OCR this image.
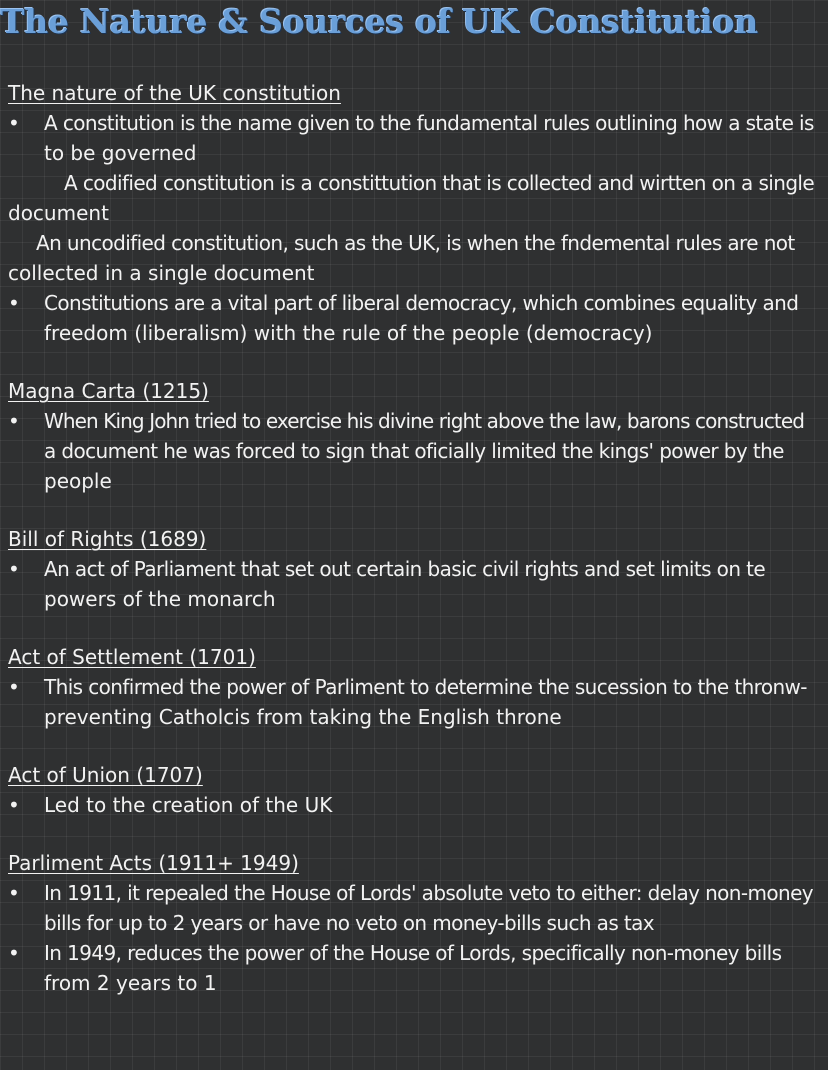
The Nature & Sources of UK Constitution
The nature of the UK constitution
•	A constitution is the name given to the fundamental rules outlining how a state is
to be governed
A codified constitution is a constittution that is collected and wirtten on a single
document
An uncodified constitution, such as the UK, is when the fndemental rules are not
collected in a single document
•	Constitutions are a vital part of liberal democracy, which combines equality and
freedom (liberalism) with the rule of the people (democracy)
Magna Carta (1215)
•	When King John tried to exercise his divine right above the law, barons constructed
a document he was forced to sign that oficially limited the kings' power by the
people
Bill of Rights (1689)
•	An act of Parliament that set out certain basic civil rights and set limits on te
powers of the monarch
Act of Settlement (1701)
•	This confirmed the power of Parliment to determine the sucession to the thronw-
preventing Catholcis from taking the English throne
Act of Union (1707)
•	Led to the creation of the UK
Parliment Acts (1911+ 1949)
•	In 1911, it repealed the House of Lords' absolute veto to either: delay non-money
bills for up to 2 years or have no veto on money-bills such as tax
•	In 1949, reduces the power of the House of Lords, specifically non-money bills
from 2 years to 1
